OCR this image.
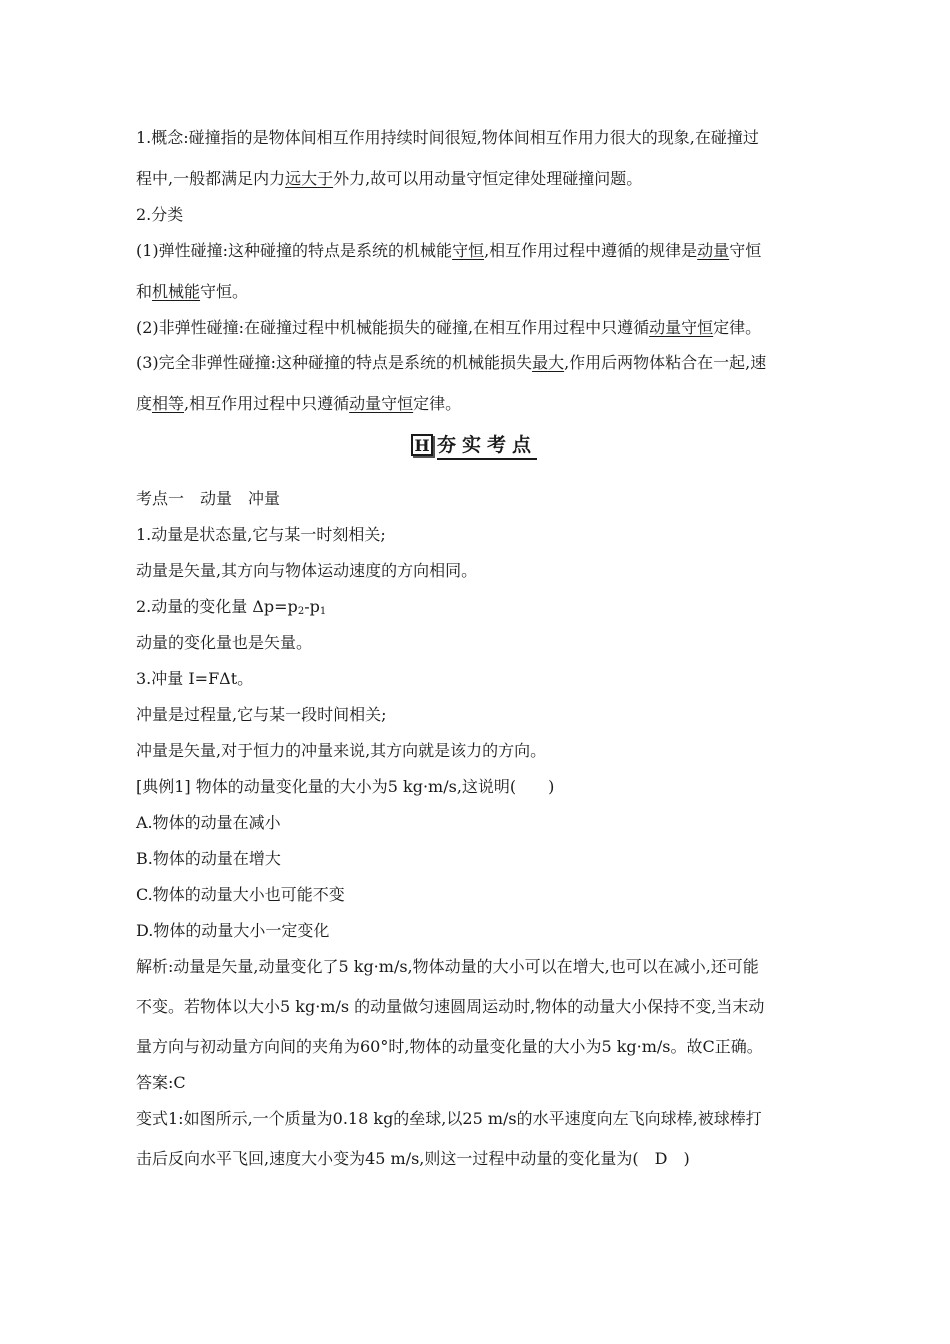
1.概念:碰撞指的是物体间相互作用持续时间很短,物体间相互作用力很大的现象,在碰撞过
程中,一般都满足内力远大于外力,故可以用动量守恒定律处理碰撞问题。
2.分类
(1)弹性碰撞:这种碰撞的特点是系统的机械能守恒,相互作用过程中遵循的规律是动量守恒
和机械能守恒。
(2)非弹性碰撞:在碰撞过程中机械能损失的碰撞,在相互作用过程中只遵循动量守恒定律。
(3)完全非弹性碰撞:这种碰撞的特点是系统的机械能损失最大,作用后两物体粘合在一起,速
度相等,相互作用过程中只遵循动量守恒定律。
H 夯实考点
考点一　动量　冲量
1.动量是状态量,它与某一时刻相关;
动量是矢量,其方向与物体运动速度的方向相同。
2.动量的变化量 $\Delta p=p_2-p_1$
动量的变化量也是矢量。
3.冲量 I=FΔt。
冲量是过程量,它与某一段时间相关;
冲量是矢量,对于恒力的冲量来说,其方向就是该力的方向。
[典例1] 物体的动量变化量的大小为5 kg·m/s,这说明(　　)
A.物体的动量在减小
B.物体的动量在增大
C.物体的动量大小也可能不变
D.物体的动量大小一定变化
解析:动量是矢量,动量变化了5 kg·m/s,物体动量的大小可以在增大,也可以在减小,还可能
不变。若物体以大小5 kg·m/s 的动量做匀速圆周运动时,物体的动量大小保持不变,当末动
量方向与初动量方向间的夹角为60°时,物体的动量变化量的大小为5 kg·m/s。故C正确。
答案:C
变式1:如图所示,一个质量为0.18 kg的垒球,以25 m/s的水平速度向左飞向球棒,被球棒打
击后反向水平飞回,速度大小变为45 m/s,则这一过程中动量的变化量为(　D　)
